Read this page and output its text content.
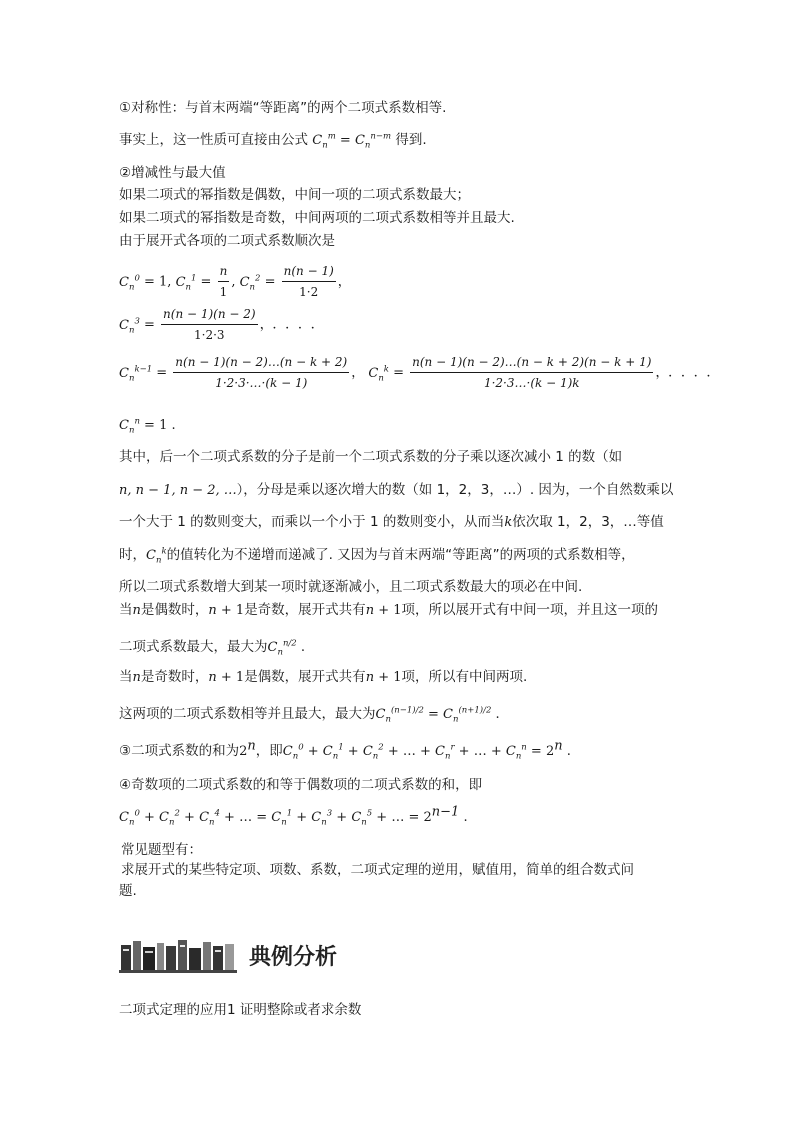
①对称性：与首末两端“等距离”的两个二项式系数相等.
事实上，这一性质可直接由公式 $C_n^m = C_n^{n-m}$ 得到.
②增减性与最大值
如果二项式的幂指数是偶数，中间一项的二项式系数最大；
如果二项式的幂指数是奇数，中间两项的二项式系数相等并且最大.
由于展开式各项的二项式系数顺次是
$C_n^0 = 1$, $C_n^1 = \frac{n}{1}$ , $C_n^2 = \frac{n(n - 1)}{1\cdot 2}$ ，
$C_n^3 = \frac{n(n - 1)(n - 2)}{1\cdot 2\cdot 3}$ ，．．．．
$C_n^{k-1} = \frac{n(n - 1)(n - 2)\dots(n - k + 2)}{1\cdot 2\cdot 3\cdot\dots\cdot(k - 1)}$ ， $C_n^k = \frac{n(n - 1)(n - 2)\dots(n - k + 2)(n - k + 1)}{1\cdot 2\cdot 3\dots\cdot(k - 1)k}$ ，．．．．
$C_n^n = 1$ .
其中，后一个二项式系数的分子是前一个二项式系数的分子乘以逐次减小 1 的数（如
n, n − 1, n − 2, …），分母是乘以逐次增大的数（如 1，2，3，…）. 因为，一个自然数乘以
一个大于 1 的数则变大，而乘以一个小于 1 的数则变小，从而当k依次取 1，2，3，…等值
时，$C_n^k$的值转化为不递增而递减了. 又因为与首末两端“等距离”的两项的式系数相等，
所以二项式系数增大到某一项时就逐渐减小，且二项式系数最大的项必在中间.
当n是偶数时，n + 1是奇数，展开式共有n + 1项，所以展开式有中间一项，并且这一项的
二项式系数最大，最大为$C_n^{n/2}$ .
当n是奇数时，n + 1是偶数，展开式共有n + 1项，所以有中间两项.
这两项的二项式系数相等并且最大，最大为$C_n^{(n-1)/2} = C_n^{(n+1)/2}$ .
③二项式系数的和为2$^n$，即$C_n^0 + C_n^1 + C_n^2$ + … + $C_n^r$ + … + $C_n^n = 2^n$ .
④奇数项的二项式系数的和等于偶数项的二项式系数的和，即
$C_n^0 + C_n^2 + C_n^4$ + … = $C_n^1 + C_n^3 + C_n^5$ + … = $2^{n-1}$ .
常见题型有：
求展开式的某些特定项、项数、系数，二项式定理的逆用，赋值用，简单的组合数式问
题.
典例分析
二项式定理的应用1 证明整除或者求余数
